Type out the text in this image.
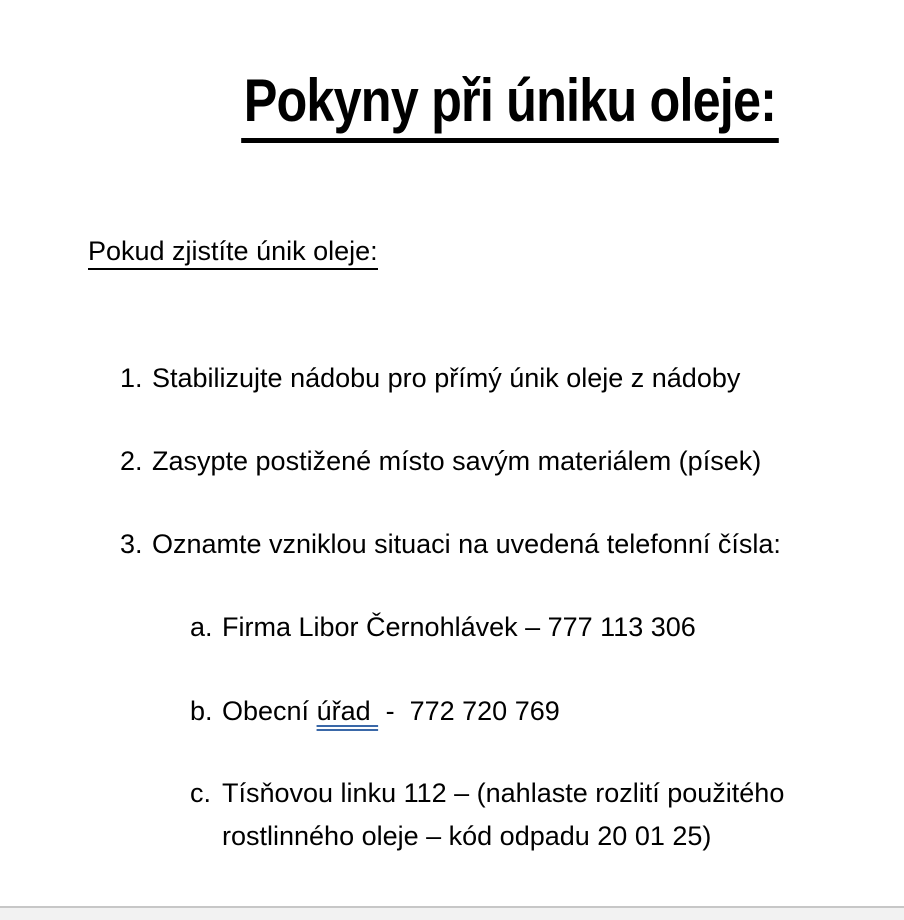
Pokyny při úniku oleje:
Pokud zjistíte únik oleje:
1. Stabilizujte nádobu pro přímý únik oleje z nádoby
2. Zasypte postižené místo savým materiálem (písek)
3. Oznamte vzniklou situaci na uvedená telefonní čísla:
a. Firma Libor Černohlávek – 777 113 306
b. Obecní úřad  -  772 720 769
c. Tísňovou linku 112 – (nahlaste rozlití použitého
rostlinného oleje – kód odpadu 20 01 25)
